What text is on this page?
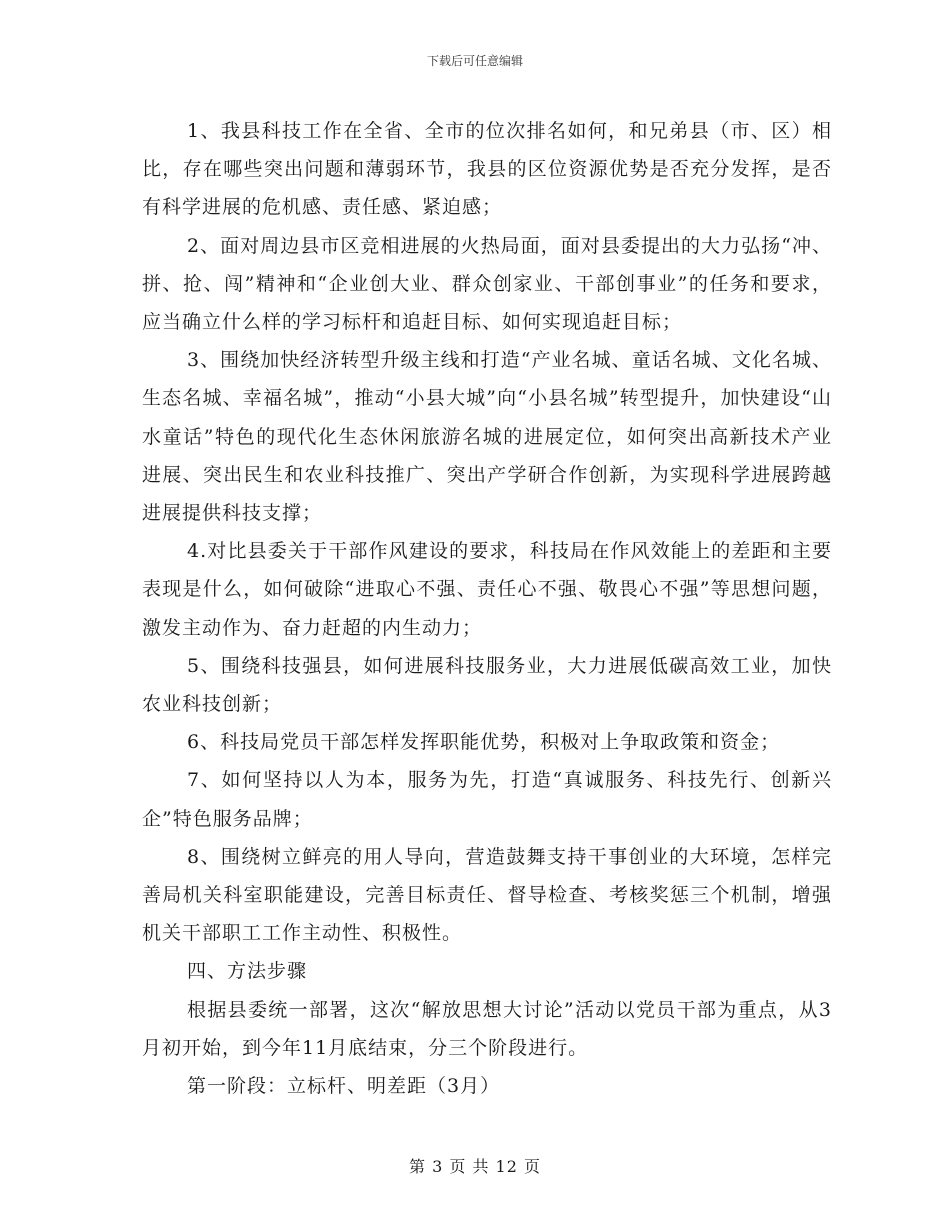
下载后可任意编辑

1、我县科技工作在全省、全市的位次排名如何，和兄弟县（市、区）相比，存在哪些突出问题和薄弱环节，我县的区位资源优势是否充分发挥，是否有科学进展的危机感、责任感、紧迫感；

2、面对周边县市区竞相进展的火热局面，面对县委提出的大力弘扬“冲、拼、抢、闯”精神和“企业创大业、群众创家业、干部创事业”的任务和要求，应当确立什么样的学习标杆和追赶目标、如何实现追赶目标；

3、围绕加快经济转型升级主线和打造“产业名城、童话名城、文化名城、生态名城、幸福名城”，推动“小县大城”向“小县名城”转型提升，加快建设“山水童话”特色的现代化生态休闲旅游名城的进展定位，如何突出高新技术产业进展、突出民生和农业科技推广、突出产学研合作创新，为实现科学进展跨越进展提供科技支撑；

4.对比县委关于干部作风建设的要求，科技局在作风效能上的差距和主要表现是什么，如何破除“进取心不强、责任心不强、敬畏心不强”等思想问题，激发主动作为、奋力赶超的内生动力；

5、围绕科技强县，如何进展科技服务业，大力进展低碳高效工业，加快农业科技创新；

6、科技局党员干部怎样发挥职能优势，积极对上争取政策和资金；

7、如何坚持以人为本，服务为先，打造“真诚服务、科技先行、创新兴企”特色服务品牌；

8、围绕树立鲜亮的用人导向，营造鼓舞支持干事创业的大环境，怎样完善局机关科室职能建设，完善目标责任、督导检查、考核奖惩三个机制，增强机关干部职工工作主动性、积极性。

四、方法步骤

根据县委统一部署，这次“解放思想大讨论”活动以党员干部为重点，从3月初开始，到今年11月底结束，分三个阶段进行。

第一阶段：立标杆、明差距（3月）

第 3 页 共 12 页
